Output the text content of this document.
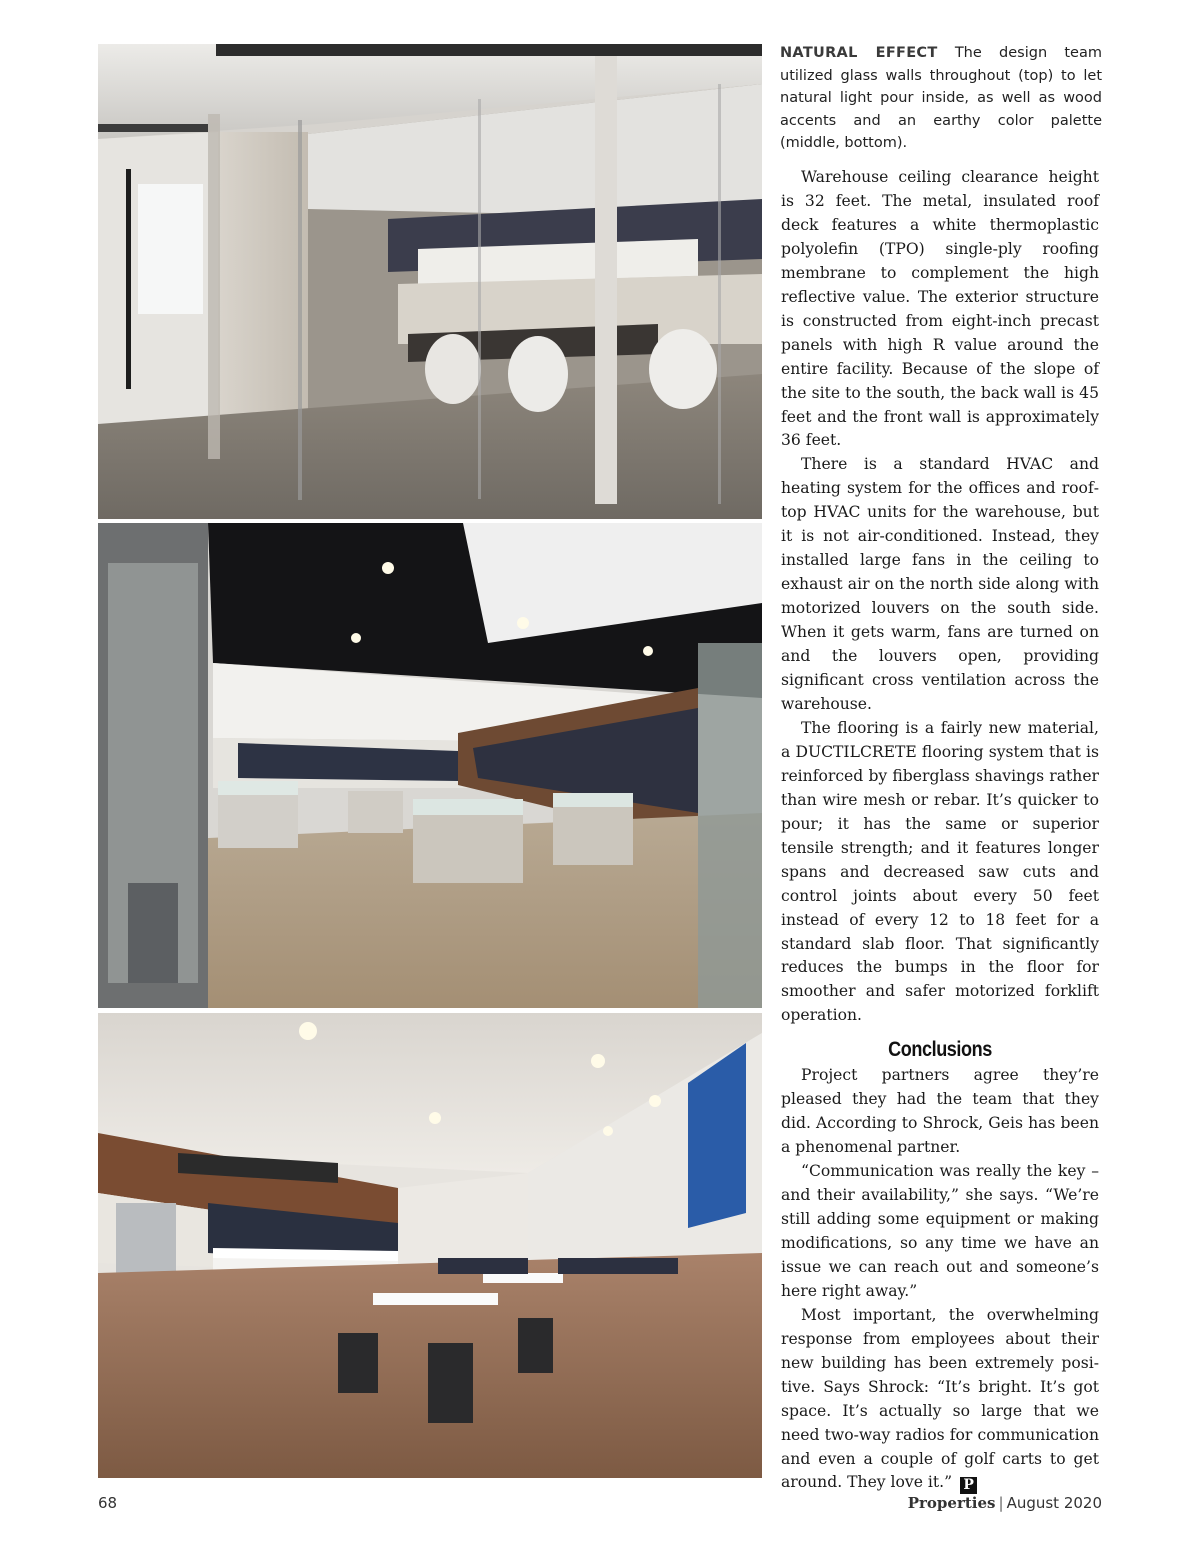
NATURAL EFFECT The design team utilized glass walls throughout (top) to let natural light pour inside, as well as wood accents and an earthy color palette (middle, bottom).

Warehouse ceiling clearance height is 32 feet. The metal, insulated roof deck features a white thermoplastic polyolefin (TPO) single-ply roofing membrane to complement the high reflective value. The exterior structure is constructed from eight-inch precast panels with high R value around the entire facility. Because of the slope of the site to the south, the back wall is 45 feet and the front wall is approximately 36 feet.

There is a standard HVAC and heating system for the offices and rooftop HVAC units for the warehouse, but it is not air-conditioned. Instead, they installed large fans in the ceiling to exhaust air on the north side along with motorized louvers on the south side. When it gets warm, fans are turned on and the louvers open, providing significant cross ventilation across the warehouse.

The flooring is a fairly new material, a DUCTILCRETE flooring system that is reinforced by fiberglass shavings rather than wire mesh or rebar. It’s quicker to pour; it has the same or superior tensile strength; and it features longer spans and decreased saw cuts and control joints about every 50 feet instead of every 12 to 18 feet for a standard slab floor. That significantly reduces the bumps in the floor for smoother and safer motorized forklift operation.

Conclusions

Project partners agree they’re pleased they had the team that they did. According to Shrock, Geis has been a phenomenal partner.

“Communication was really the key – and their availability,” she says. “We’re still adding some equipment or making modifications, so any time we have an issue we can reach out and someone’s here right away.”

Most important, the overwhelming response from employees about their new building has been extremely positive. Says Shrock: “It’s bright. It’s got space. It’s actually so large that we need two-way radios for communication and even a couple of golf carts to get around. They love it.” P

68	Properties | August 2020
